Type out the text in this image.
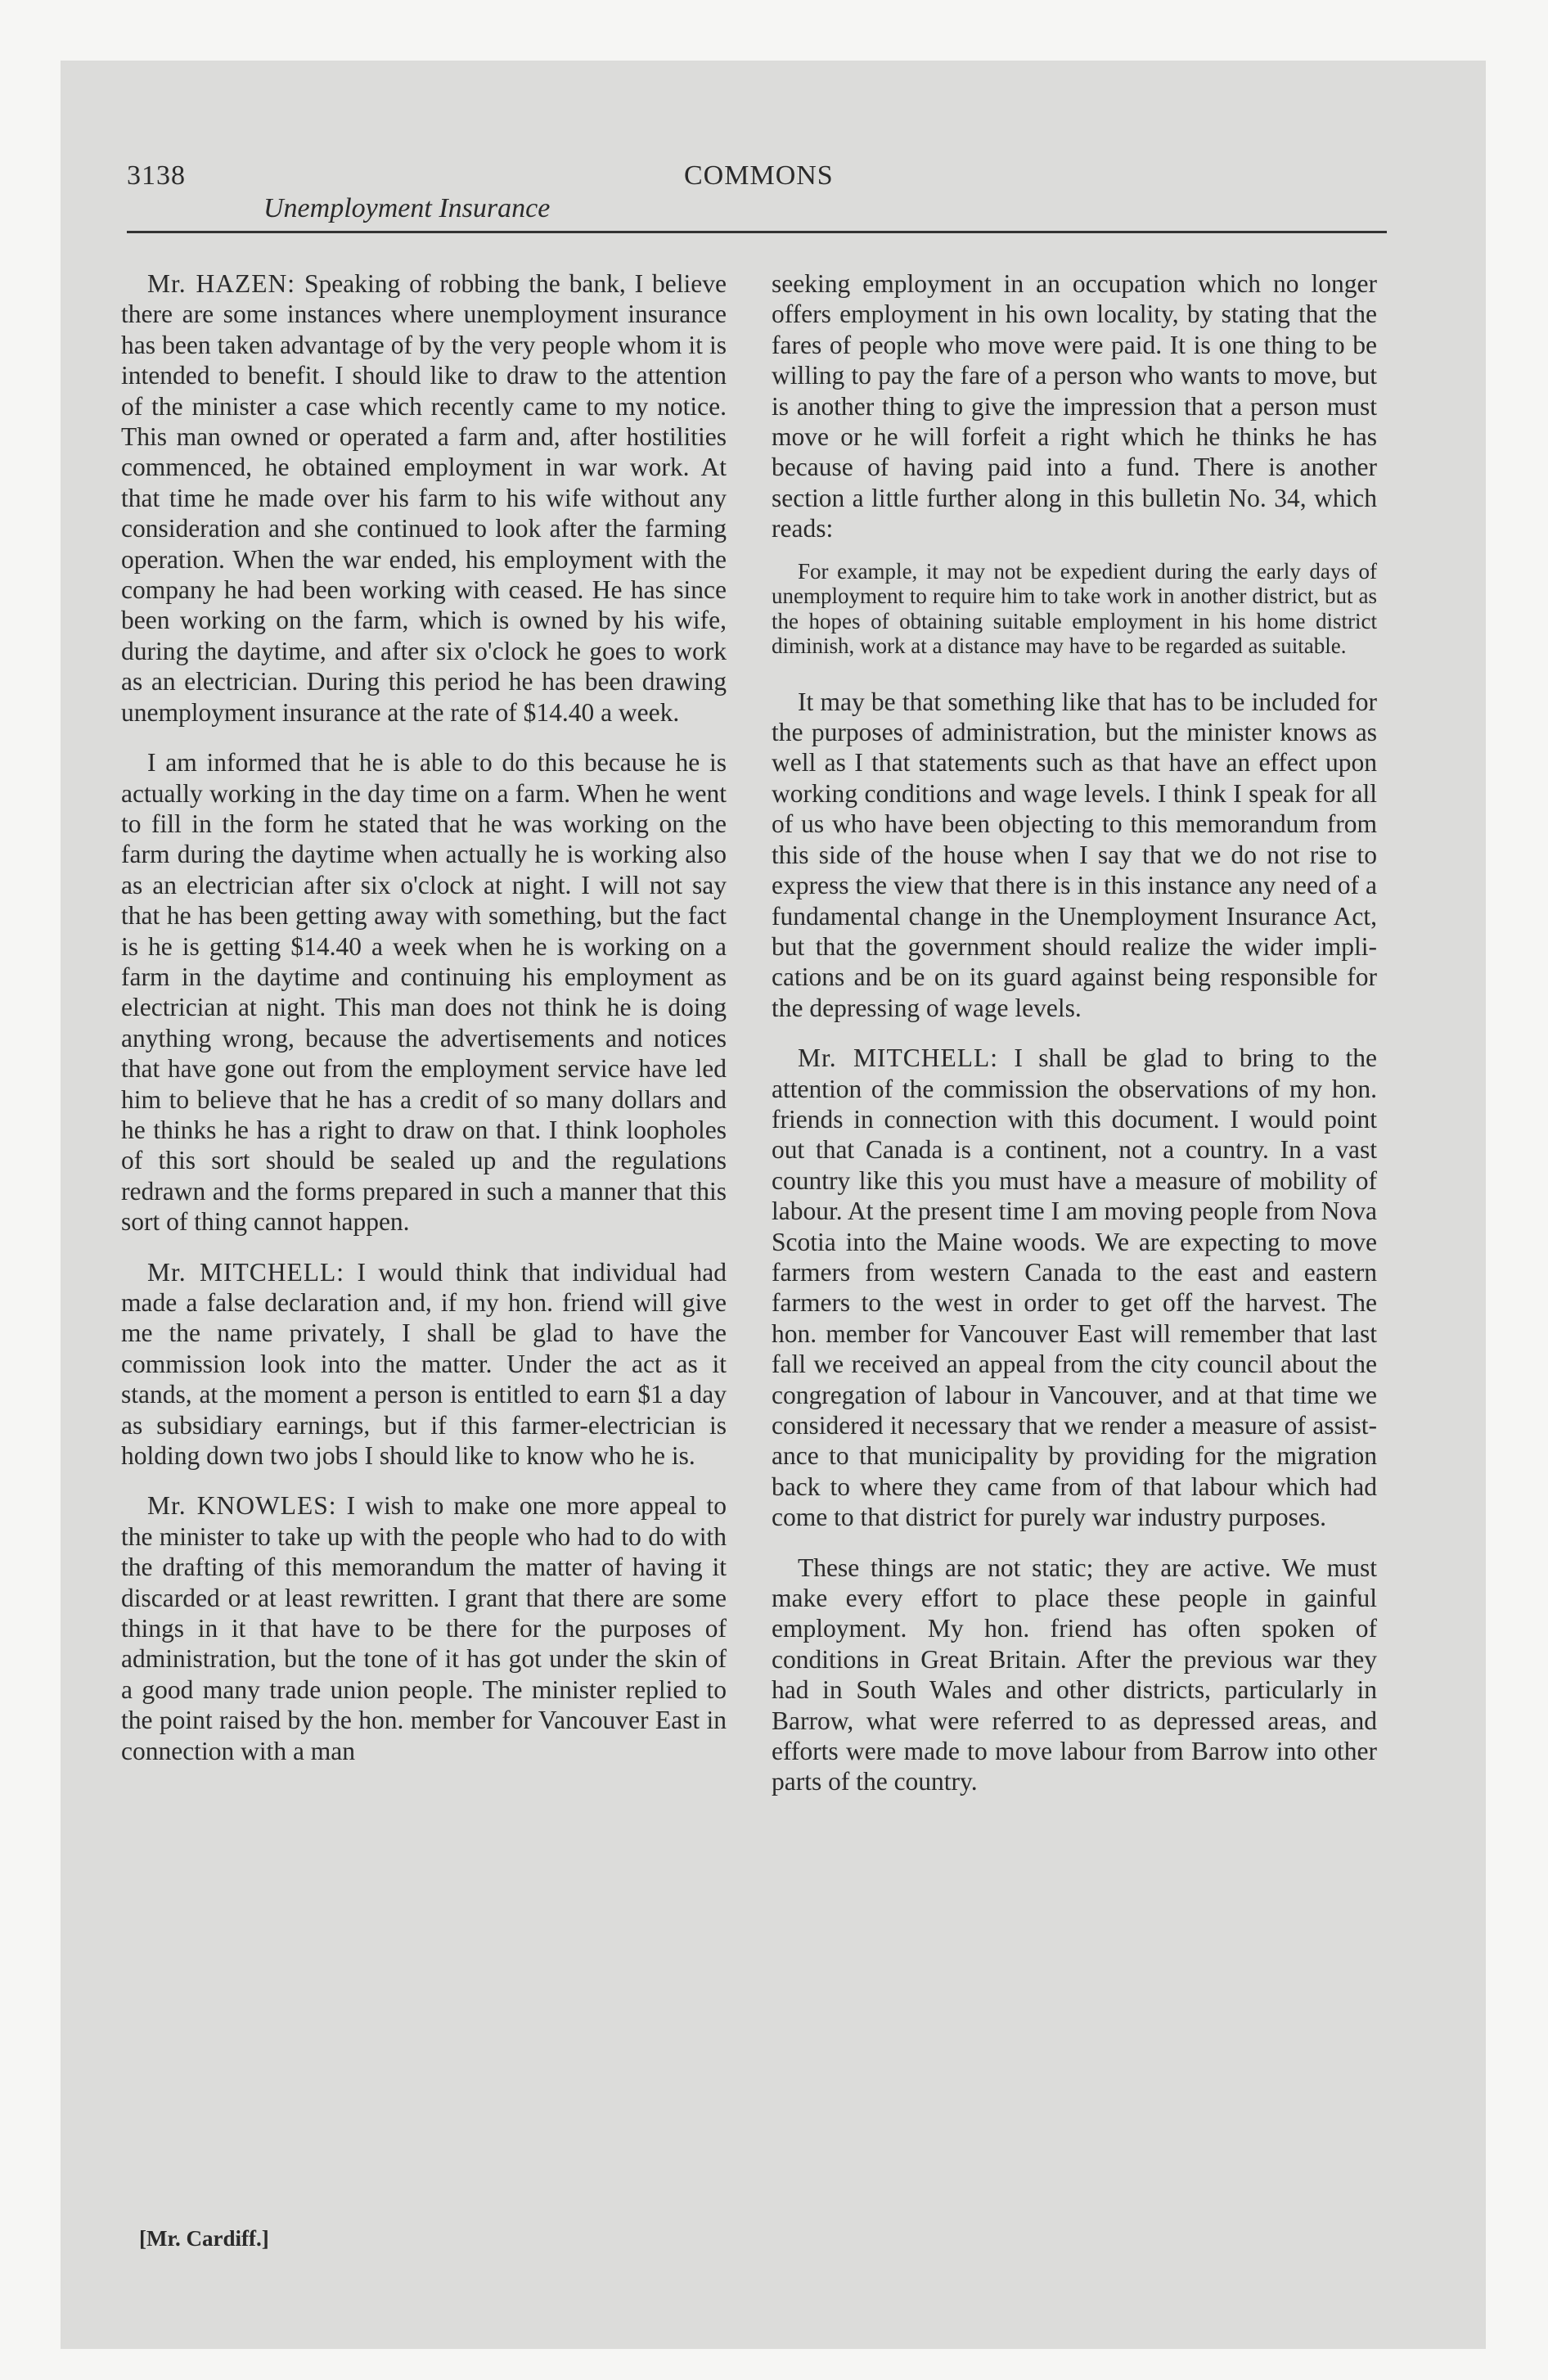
3138	COMMONS
Unemployment Insurance

Mr. HAZEN: Speaking of robbing the bank, I believe there are some instances where unemployment insurance has been taken advantage of by the very people whom it is intended to benefit. I should like to draw to the attention of the minister a case which recently came to my notice. This man owned or operated a farm and, after hostilities commenced, he obtained employment in war work. At that time he made over his farm to his wife without any consideration and she continued to look after the farming operation. When the war ended, his employment with the company he had been working with ceased. He has since been working on the farm, which is owned by his wife, during the daytime, and after six o'clock he goes to work as an electrician. During this period he has been drawing unemployment insurance at the rate of $14.40 a week.

I am informed that he is able to do this because he is actually working in the day time on a farm. When he went to fill in the form he stated that he was working on the farm during the daytime when actually he is working also as an electrician after six o'clock at night. I will not say that he has been getting away with something, but the fact is he is getting $14.40 a week when he is working on a farm in the daytime and continuing his employment as electrician at night. This man does not think he is doing anything wrong, because the advertisements and notices that have gone out from the employment service have led him to believe that he has a credit of so many dollars and he thinks he has a right to draw on that. I think loopholes of this sort should be sealed up and the regulations redrawn and the forms prepared in such a manner that this sort of thing cannot happen.

Mr. MITCHELL: I would think that individual had made a false declaration and, if my hon. friend will give me the name privately, I shall be glad to have the commission look into the matter. Under the act as it stands, at the moment a person is entitled to earn $1 a day as subsidiary earnings, but if this farmer-electrician is holding down two jobs I should like to know who he is.

Mr. KNOWLES: I wish to make one more appeal to the minister to take up with the people who had to do with the drafting of this memorandum the matter of having it discarded or at least rewritten. I grant that there are some things in it that have to be there for the purposes of administration, but the tone of it has got under the skin of a good many trade union people. The minister replied to the point raised by the hon. member for Vancouver East in connection with a man

seeking employment in an occupation which no longer offers employment in his own locality, by stating that the fares of people who move were paid. It is one thing to be willing to pay the fare of a person who wants to move, but is another thing to give the impression that a person must move or he will forfeit a right which he thinks he has because of having paid into a fund. There is another section a little further along in this bulletin No. 34, which reads:

For example, it may not be expedient during the early days of unemployment to require him to take work in another district, but as the hopes of obtaining suitable employment in his home district diminish, work at a distance may have to be regarded as suitable.

It may be that something like that has to be included for the purposes of administration, but the minister knows as well as I that statements such as that have an effect upon working conditions and wage levels. I think I speak for all of us who have been objecting to this memorandum from this side of the house when I say that we do not rise to express the view that there is in this instance any need of a fundamental change in the Unemployment Insurance Act, but that the government should realize the wider implications and be on its guard against being responsible for the depressing of wage levels.

Mr. MITCHELL: I shall be glad to bring to the attention of the commission the observations of my hon. friends in connection with this document. I would point out that Canada is a continent, not a country. In a vast country like this you must have a measure of mobility of labour. At the present time I am moving people from Nova Scotia into the Maine woods. We are expecting to move farmers from western Canada to the east and eastern farmers to the west in order to get off the harvest. The hon. member for Vancouver East will remember that last fall we received an appeal from the city council about the congregation of labour in Vancouver, and at that time we considered it necessary that we render a measure of assistance to that municipality by providing for the migration back to where they came from of that labour which had come to that district for purely war industry purposes.

These things are not static; they are active. We must make every effort to place these people in gainful employment. My hon. friend has often spoken of conditions in Great Britain. After the previous war they had in South Wales and other districts, particularly in Barrow, what were referred to as depressed areas, and efforts were made to move labour from Barrow into other parts of the country.

[Mr. Cardiff.]
